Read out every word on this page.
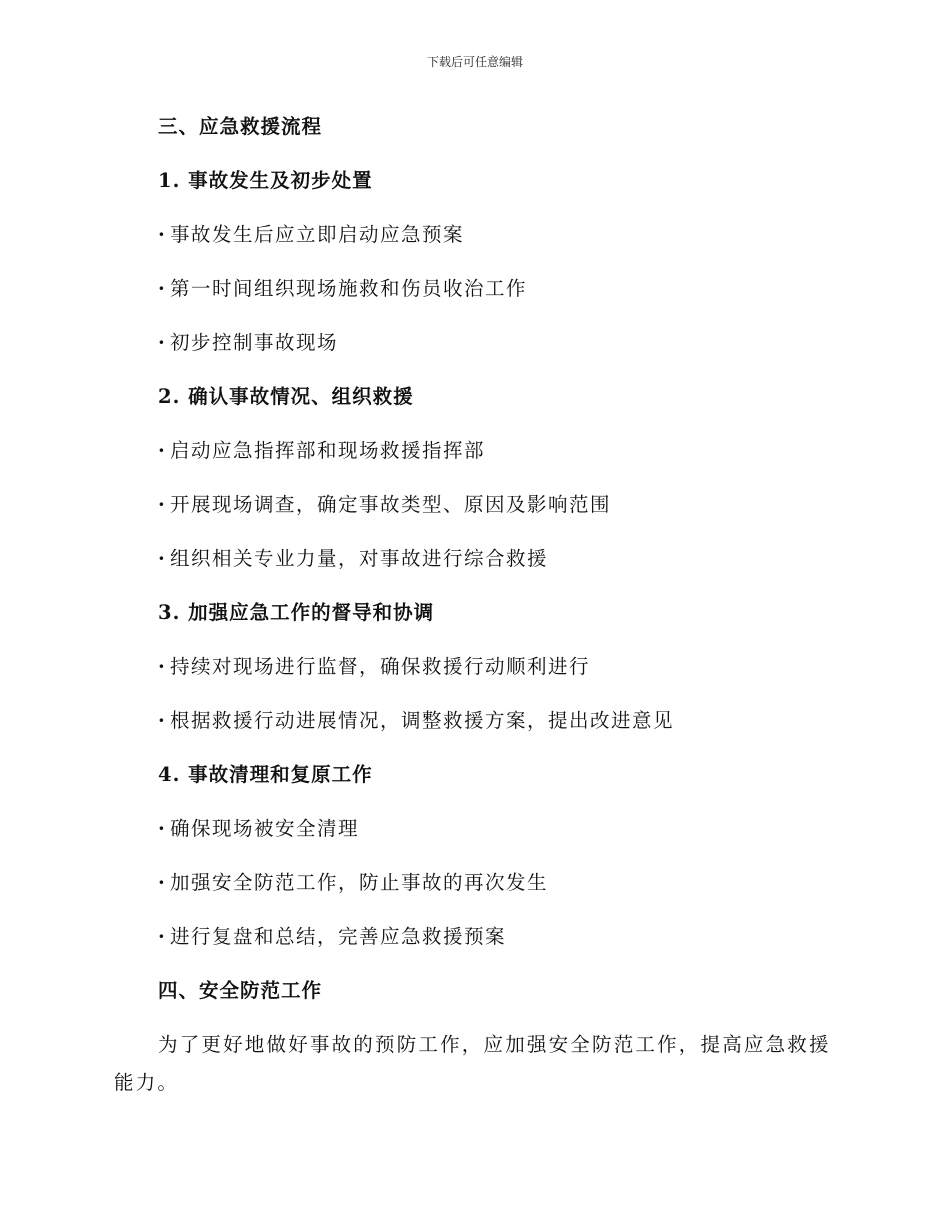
下载后可任意编辑
三、应急救援流程
1. 事故发生及初步处置
· 事故发生后应立即启动应急预案
· 第一时间组织现场施救和伤员收治工作
· 初步控制事故现场
2. 确认事故情况、组织救援
· 启动应急指挥部和现场救援指挥部
· 开展现场调查，确定事故类型、原因及影响范围
· 组织相关专业力量，对事故进行综合救援
3. 加强应急工作的督导和协调
· 持续对现场进行监督，确保救援行动顺利进行
· 根据救援行动进展情况，调整救援方案，提出改进意见
4. 事故清理和复原工作
· 确保现场被安全清理
· 加强安全防范工作，防止事故的再次发生
· 进行复盘和总结，完善应急救援预案
四、安全防范工作
为了更好地做好事故的预防工作，应加强安全防范工作，提高应急救援
能力。
